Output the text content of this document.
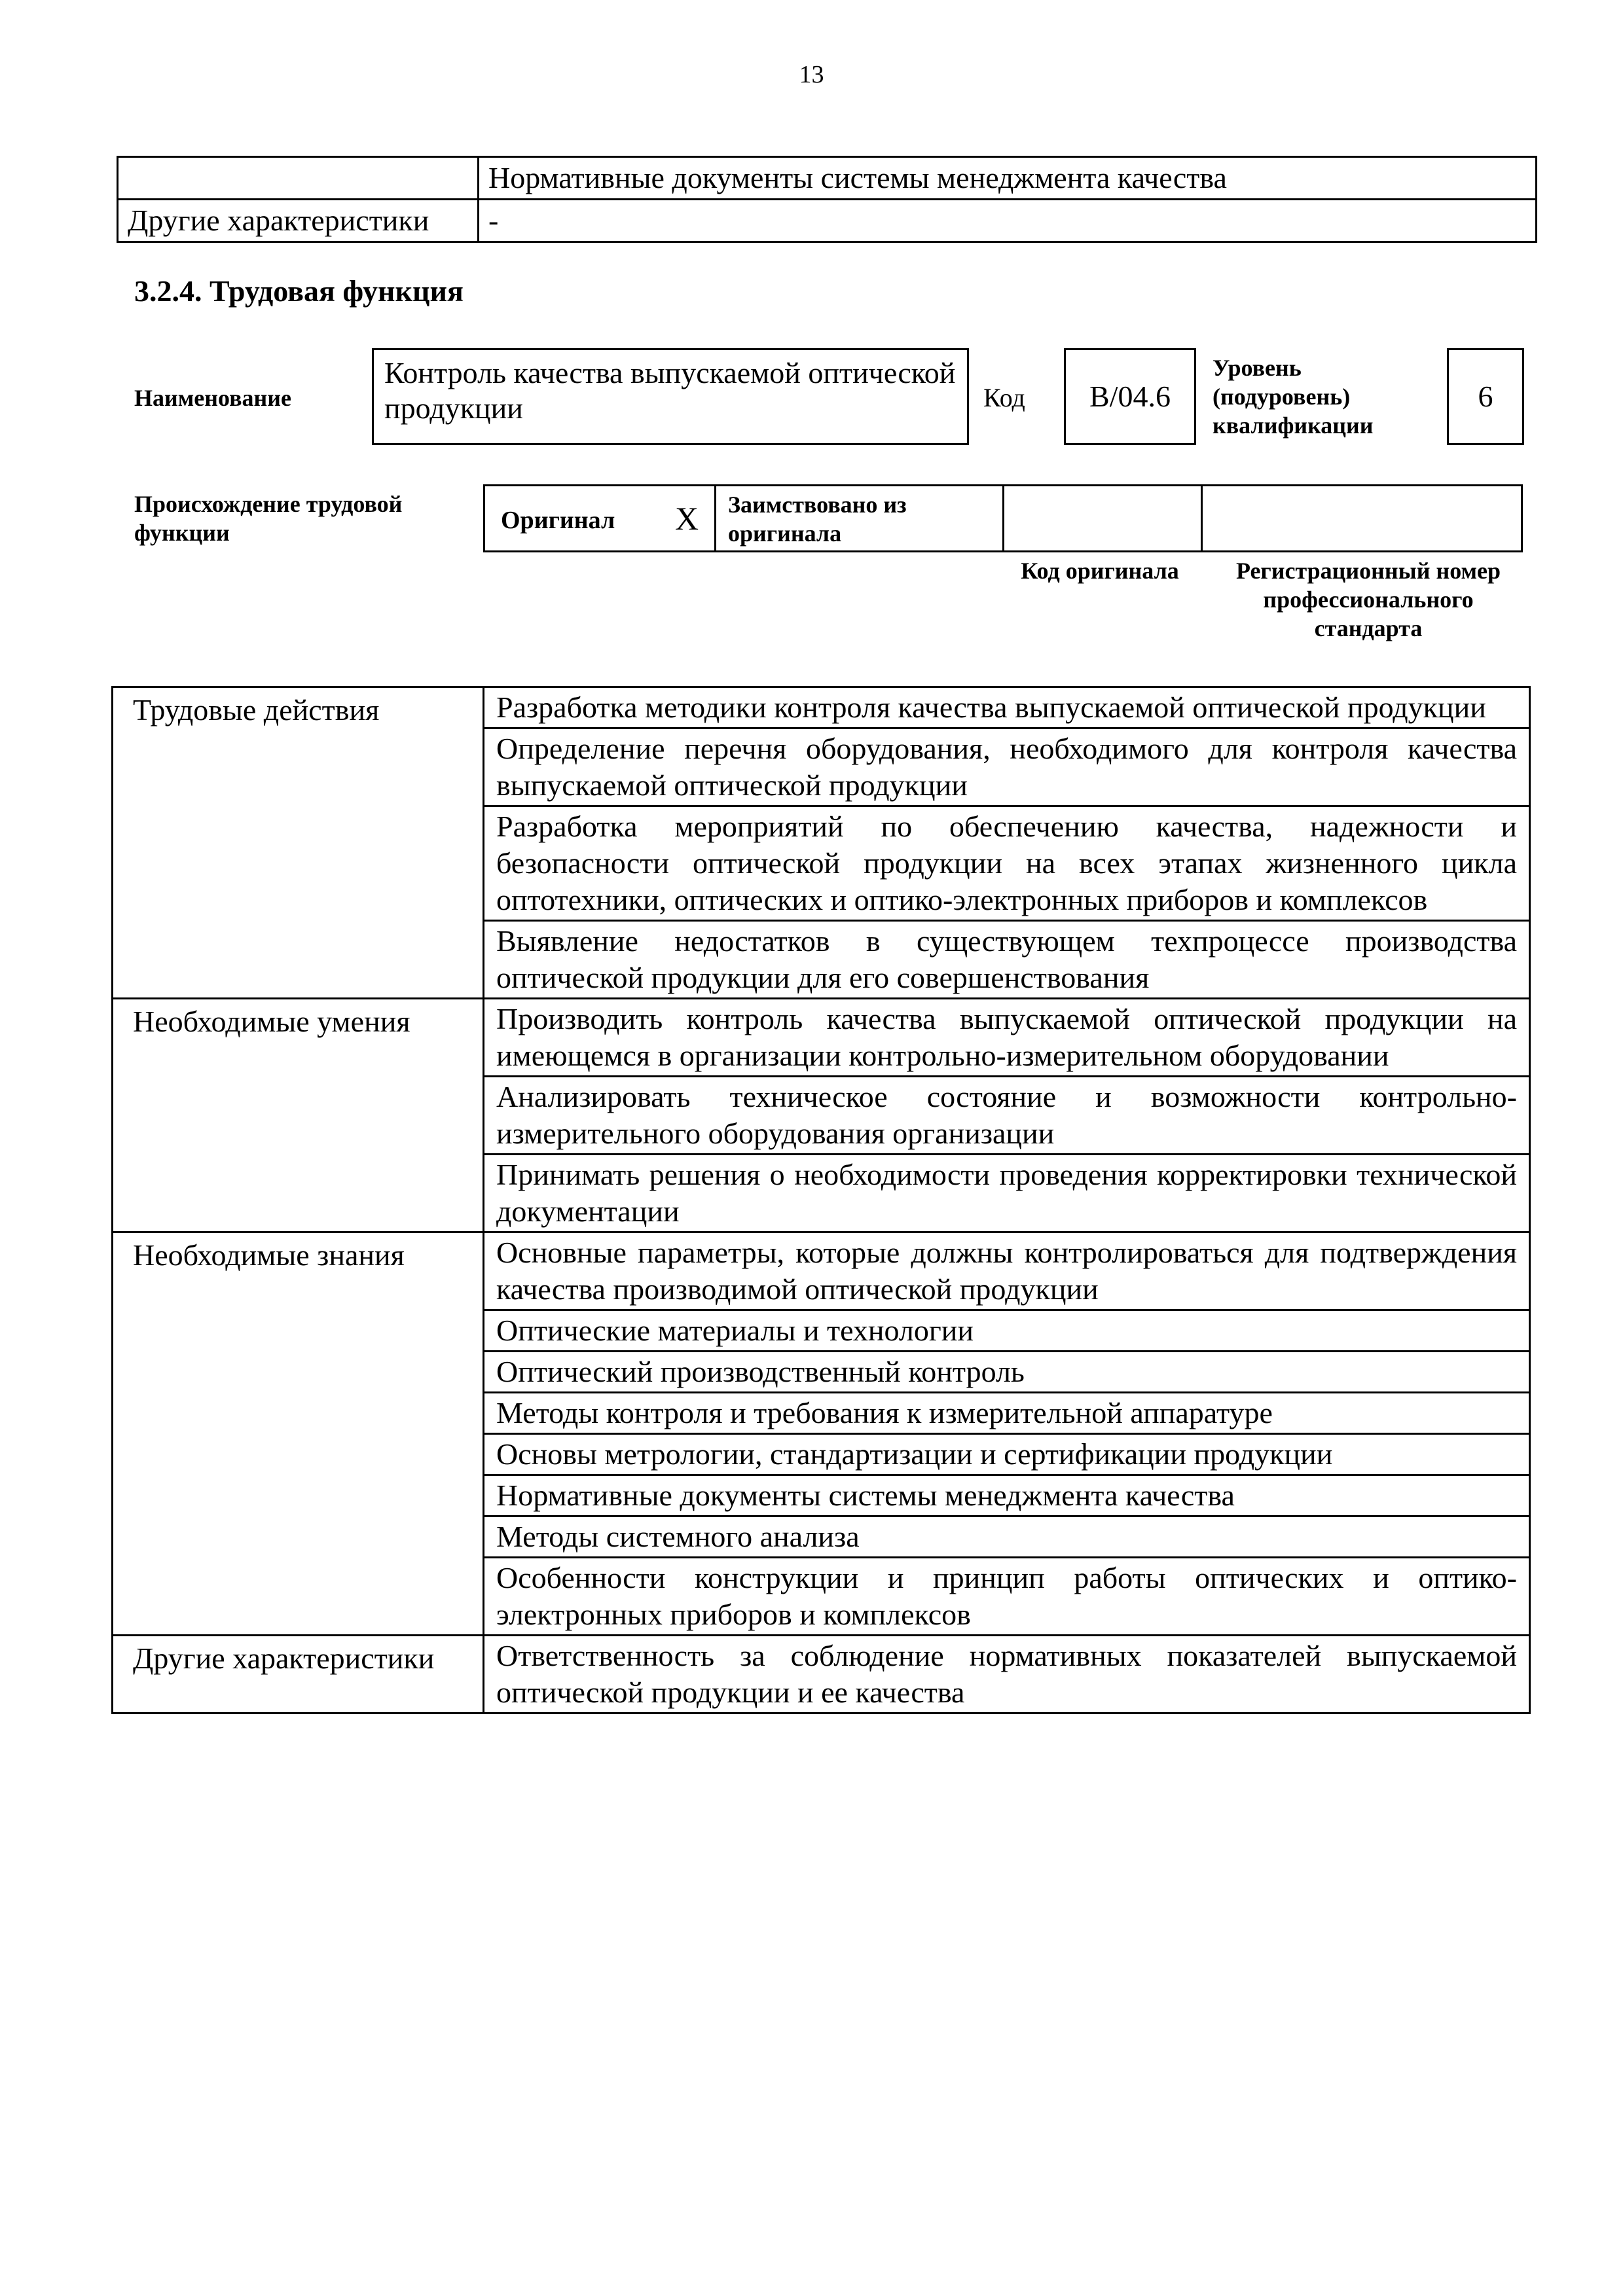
13
	Нормативные документы системы менеджмента качества
Другие характеристики	-
3.2.4. Трудовая функция
Наименование
Контроль качества выпускаемой оптической продукции	Код	B/04.6
Уровень (подуровень) квалификации
6
Происхождение трудовой функции	Оригинал X Заимствовано из оригинала
Код оригинала	Регистрационный номер профессионального стандарта
Трудовые действия	Разработка методики контроля качества выпускаемой оптической продукции
	Определение перечня оборудования, необходимого для контроля качества выпускаемой оптической продукции
	Разработка мероприятий по обеспечению качества, надежности и безопасности оптической продукции на всех этапах жизненного цикла оптотехники, оптических и оптико-электронных приборов и комплексов
	Выявление недостатков в существующем техпроцессе производства оптической продукции для его совершенствования
Необходимые умения	Производить контроль качества выпускаемой оптической продукции на имеющемся в организации контрольно-измерительном оборудовании
	Анализировать техническое состояние и возможности контрольно-измерительного оборудования организации
	Принимать решения о необходимости проведения корректировки технической документации
Необходимые знания	Основные параметры, которые должны контролироваться для подтверждения качества производимой оптической продукции
	Оптические материалы и технологии
	Оптический производственный контроль
	Методы контроля и требования к измерительной аппаратуре
	Основы метрологии, стандартизации и сертификации продукции
	Нормативные документы системы менеджмента качества
	Методы системного анализа
	Особенности конструкции и принцип работы оптических и оптико-электронных приборов и комплексов
Другие характеристики	Ответственность за соблюдение нормативных показателей выпускаемой оптической продукции и ее качества
